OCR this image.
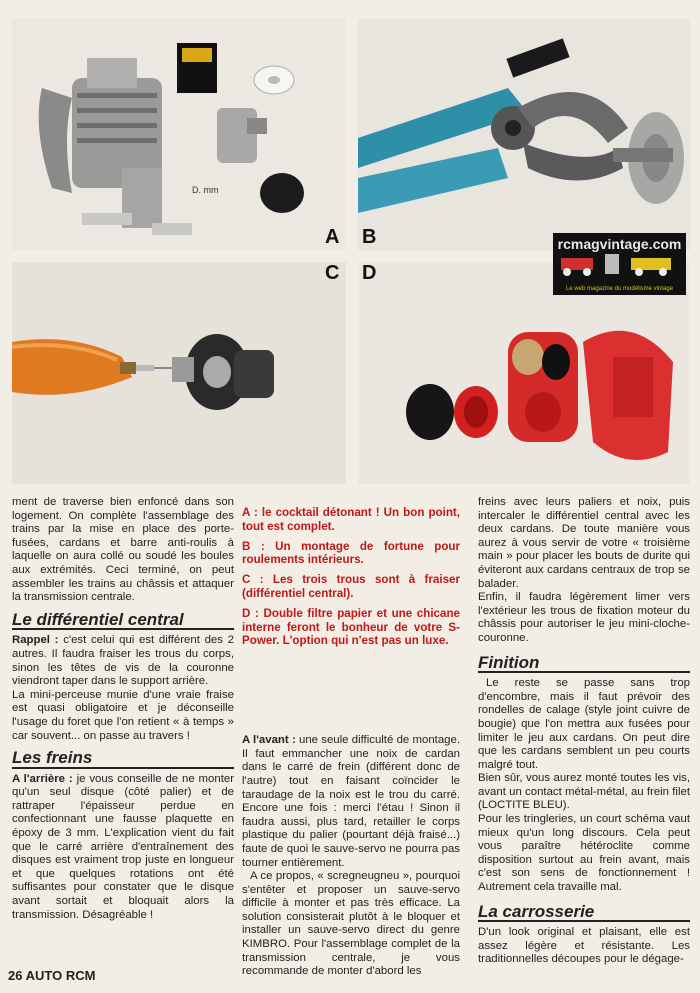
D. mm
A B
C D
rcmagvintage.com
Le web magazine du modélisme vintage

ment de traverse bien enfoncé dans son logement. On complète l'assemblage des trains par la mise en place des porte-fusées, cardans et barre anti-roulis à laquelle on aura collé ou soudé les boules aux extrémités. Ceci terminé, on peut assembler les trains au châssis et attaquer la transmission centrale.

Le différentiel central

Rappel : c'est celui qui est différent des 2 autres. Il faudra fraiser les trous du corps, sinon les têtes de vis de la couronne viendront taper dans le support arrière.

La mini-perceuse munie d'une vraie fraise est quasi obligatoire et je déconseille l'usage du foret que l'on retient « à temps » car souvent... on passe au travers !

Les freins

A l'arrière : je vous conseille de ne monter qu'un seul disque (côté palier) et de rattraper l'épaisseur perdue en confectionnant une fausse plaquette en époxy de 3 mm. L'explication vient du fait que le carré arrière d'entraînement des disques est vraiment trop juste en longueur et que quelques rotations ont été suffisantes pour constater que le disque avant sortait et bloquait alors la transmission. Désagréable !

A : le cocktail détonant ! Un bon point, tout est complet.

B : Un montage de fortune pour roulements intérieurs.

C : Les trois trous sont à fraiser (différentiel central).

D : Double filtre papier et une chicane interne feront le bonheur de votre S-Power. L'option qui n'est pas un luxe.

A l'avant : une seule difficulté de montage. Il faut emmancher une noix de cardan dans le carré de frein (différent donc de l'autre) tout en faisant coïncider le taraudage de la noix est le trou du carré. Encore une fois : merci l'étau ! Sinon il faudra aussi, plus tard, retailler le corps plastique du palier (pourtant déjà fraisé...) faute de quoi le sauve-servo ne pourra pas tourner entièrement.

A ce propos, « scregneugneu », pourquoi s'entêter et proposer un sauve-servo difficile à monter et pas très efficace. La solution consisterait plutôt à le bloquer et installer un sauve-servo direct du genre KIMBRO. Pour l'assemblage complet de la transmission centrale, je vous recommande de monter d'abord les

freins avec leurs paliers et noix, puis intercaler le différentiel central avec les deux cardans. De toute manière vous aurez à vous servir de votre « troisième main » pour placer les bouts de durite qui éviteront aux cardans centraux de trop se balader.

Enfin, il faudra légèrement limer vers l'extérieur les trous de fixation moteur du châssis pour autoriser le jeu mini-cloche-couronne.

Finition

Le reste se passe sans trop d'encombre, mais il faut prévoir des rondelles de calage (style joint cuivre de bougie) que l'on mettra aux fusées pour limiter le jeu aux cardans. On peut dire que les cardans semblent un peu courts malgré tout.

Bien sûr, vous aurez monté toutes les vis, avant un contact métal-métal, au frein filet (LOCTITE BLEU).

Pour les tringleries, un court schéma vaut mieux qu'un long discours. Cela peut vous paraître hétéroclite comme disposition surtout au frein avant, mais c'est son sens de fonctionnement ! Autrement cela travaille mal.

La carrosserie

D'un look original et plaisant, elle est assez légère et résistante. Les traditionnelles découpes pour le dégage-

26 AUTO RCM
